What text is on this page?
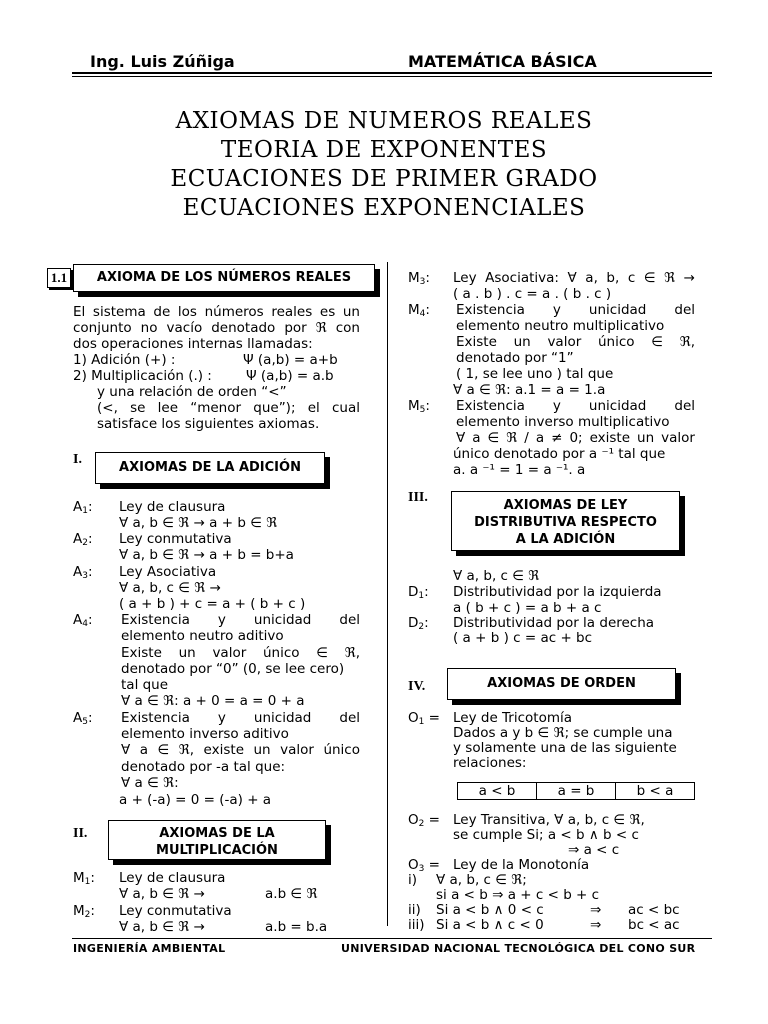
Ing. Luis Zúñiga	MATEMÁTICA BÁSICA
AXIOMAS DE NUMEROS REALES
TEORIA DE EXPONENTES
ECUACIONES DE PRIMER GRADO
ECUACIONES EXPONENCIALES
1.1	AXIOMA DE LOS NÚMEROS REALES
El sistema de los números reales es un
conjunto no vacío denotado por ℜ con
dos operaciones internas llamadas:
1) Adición (+) :	Ψ (a,b) = a+b
2) Multiplicación (.) :	Ψ (a,b) = a.b
y una relación de orden “<”
(<, se lee “menor que”); el cual
satisface los siguientes axiomas.
I.
AXIOMAS DE LA ADICIÓN
$A_1$: Ley de clausura
∀ a, b ∈ ℜ → a + b ∈ ℜ
$A_2$: Ley conmutativa
∀ a, b ∈ ℜ → a + b = b+a
$A_3$: Ley Asociativa
∀ a, b, c ∈ ℜ →
( a + b ) + c = a + ( b + c )
$A_4$: Existencia y unicidad del
elemento neutro aditivo
Existe un valor único ∈ ℜ,
denotado por “0” (0, se lee cero)
tal que
∀ a ∈ ℜ: a + 0 = a = 0 + a
$A_5$: Existencia y unicidad del
elemento inverso aditivo
∀ a ∈ ℜ, existe un valor único
denotado por -a tal que:
∀ a ∈ ℜ:
a + (-a) = 0 = (-a) + a
II.	AXIOMAS DE LA
MULTIPLICACIÓN
$M_1$: Ley de clausura
∀ a, b ∈ ℜ →	a.b ∈ ℜ
$M_2$: Ley conmutativa
∀ a, b ∈ ℜ →	a.b = b.a
$M_3$: Ley Asociativa: ∀ a, b, c ∈ ℜ →
( a . b ) . c = a . ( b . c )
$M_4$: Existencia y unicidad del
elemento neutro multiplicativo
Existe un valor único ∈ ℜ,
denotado por “1”
( 1, se lee uno ) tal que
∀ a ∈ ℜ: a.1 = a = 1.a
$M_5$: Existencia y unicidad del
elemento inverso multiplicativo
∀ a ∈ ℜ / a ≠ 0; existe un valor
único denotado por a ⁻¹ tal que
a. a ⁻¹ = 1 = a ⁻¹. a
III.
AXIOMAS DE LEY
DISTRIBUTIVA RESPECTO
A LA ADICIÓN
∀ a, b, c ∈ ℜ
$D_1$: Distributividad por la izquierda
a ( b + c ) = a b + a c
$D_2$: Distributividad por la derecha
( a + b ) c = ac + bc
IV.	AXIOMAS DE ORDEN
$O_1$ = Ley de Tricotomía
Dados a y b ∈ ℜ; se cumple una
y solamente una de las siguiente
relaciones:
a < b	a = b	b < a
$O_2$ = Ley Transitiva, ∀ a, b, c ∈ ℜ,
se cumple Si; a < b ∧ b < c
⇒ a < c
$O_3$ = Ley de la Monotonía
i) ∀ a, b, c ∈ ℜ;
si a < b ⇒ a + c < b + c
ii) Si a < b ∧ 0 < c	⇒ ac < bc
iii) Si a < b ∧ c < 0	⇒ bc < ac
INGENIERÍA AMBIENTAL	UNIVERSIDAD NACIONAL TECNOLÓGICA DEL CONO SUR
